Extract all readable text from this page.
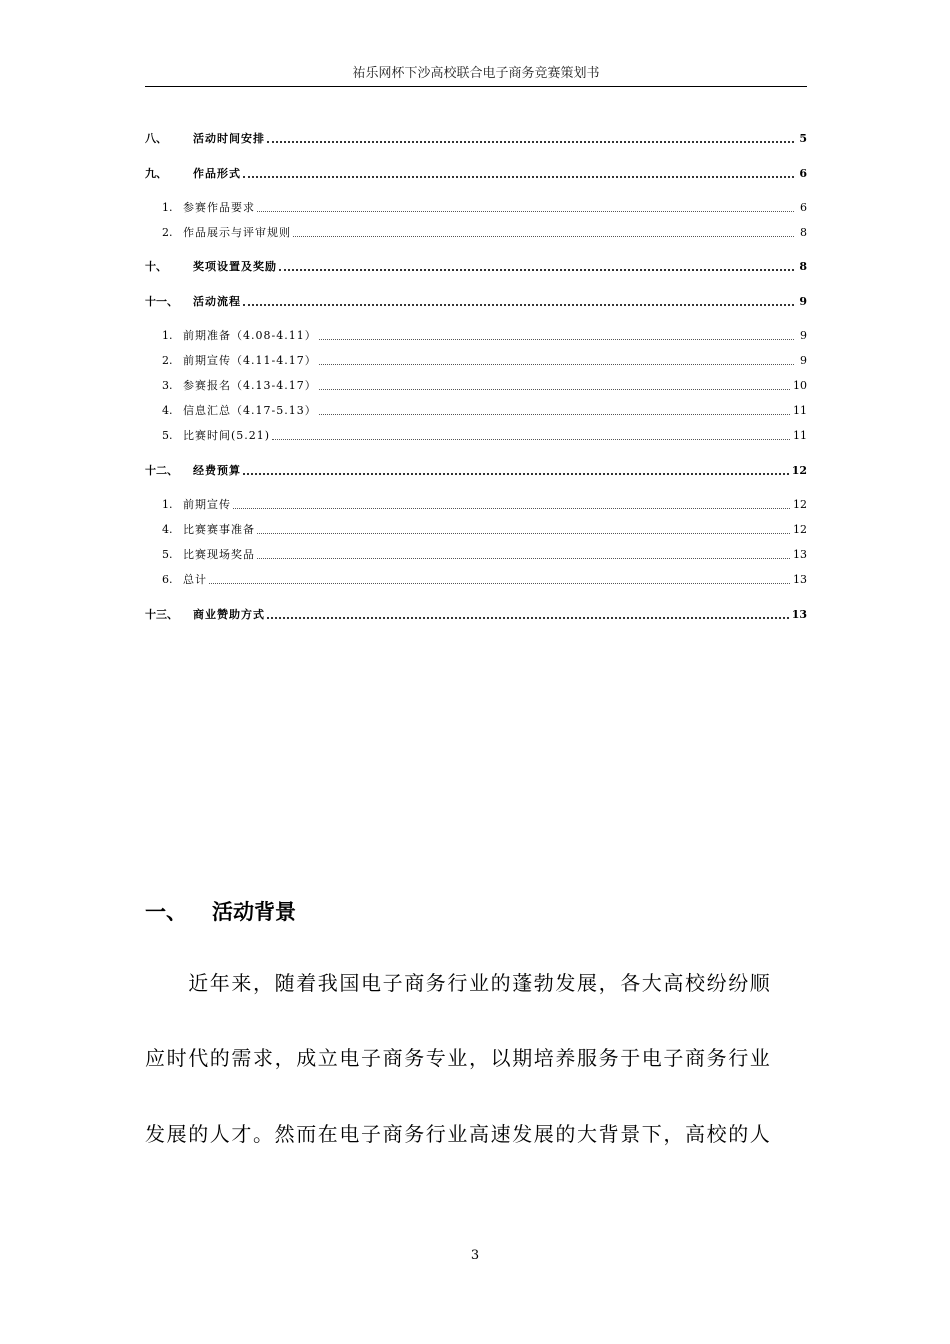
祐乐网杯下沙高校联合电子商务竞赛策划书
八、	活动时间安排	5
九、	作品形式	6
1. 参赛作品要求	6
2. 作品展示与评审规则	8
十、	奖项设置及奖励	8
十一、	活动流程	9
1. 前期准备（4.08-4.11）	9
2. 前期宣传（4.11-4.17）	9
3. 参赛报名（4.13-4.17）	10
4. 信息汇总（4.17-5.13）	11
5. 比赛时间(5.21)	11
十二、	经费预算	12
1. 前期宣传	12
4. 比赛赛事准备	12
5. 比赛现场奖品	13
6. 总计	13
十三、	商业赞助方式	13
一、 活动背景
　　近年来，随着我国电子商务行业的蓬勃发展，各大高校纷纷顺
应时代的需求，成立电子商务专业，以期培养服务于电子商务行业
发展的人才。然而在电子商务行业高速发展的大背景下，高校的人
3
